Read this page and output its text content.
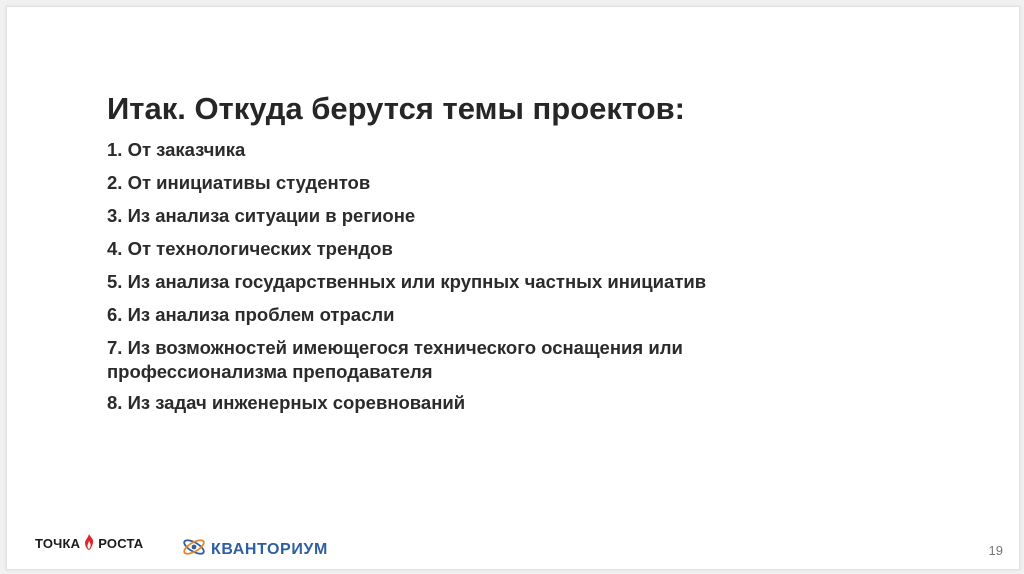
Итак. Откуда берутся темы проектов:
1. От заказчика
2. От инициативы студентов
3. Из анализа ситуации в регионе
4. От технологических трендов
5. Из анализа государственных или крупных частных инициатив
6. Из анализа проблем отрасли
7. Из возможностей имеющегося технического оснащения или профессионализма преподавателя
8. Из задач инженерных соревнований
ТОЧКА РОСТА	КВАНТОРИУМ	19
